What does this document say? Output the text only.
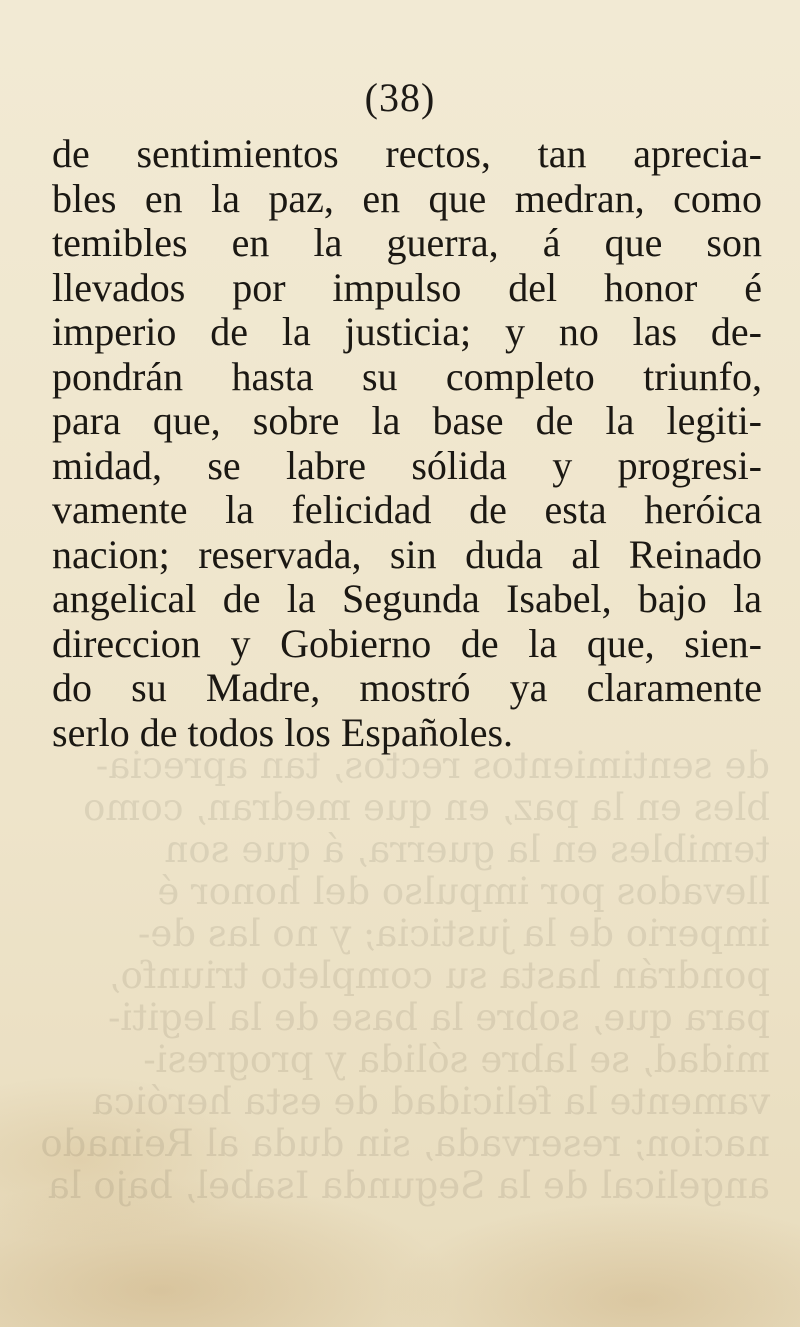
de sentimientos rectos, tan aprecia-
bles en la paz, en que medran, como
temibles en la guerra, á que son
llevados por impulso del honor é
imperio de la justicia; y no las de-
pondrán hasta su completo triunfo,
para que, sobre la base de la legiti-
midad, se labre sólida y progresi-
vamente la felicidad de esta heróica
nacion; reservada, sin duda al Reinado
angelical de la Segunda Isabel, bajo la
(38)
de sentimientos rectos, tan aprecia-
bles en la paz, en que medran, como
temibles en la guerra, á que son
llevados por impulso del honor é
imperio de la justicia; y no las de-
pondrán hasta su completo triunfo,
para que, sobre la base de la legiti-
midad, se labre sólida y progresi-
vamente la felicidad de esta heróica
nacion; reservada, sin duda al Reinado
angelical de la Segunda Isabel, bajo la
direccion y Gobierno de la que, sien-
do su Madre, mostró ya claramente
serlo de todos los Españoles.
